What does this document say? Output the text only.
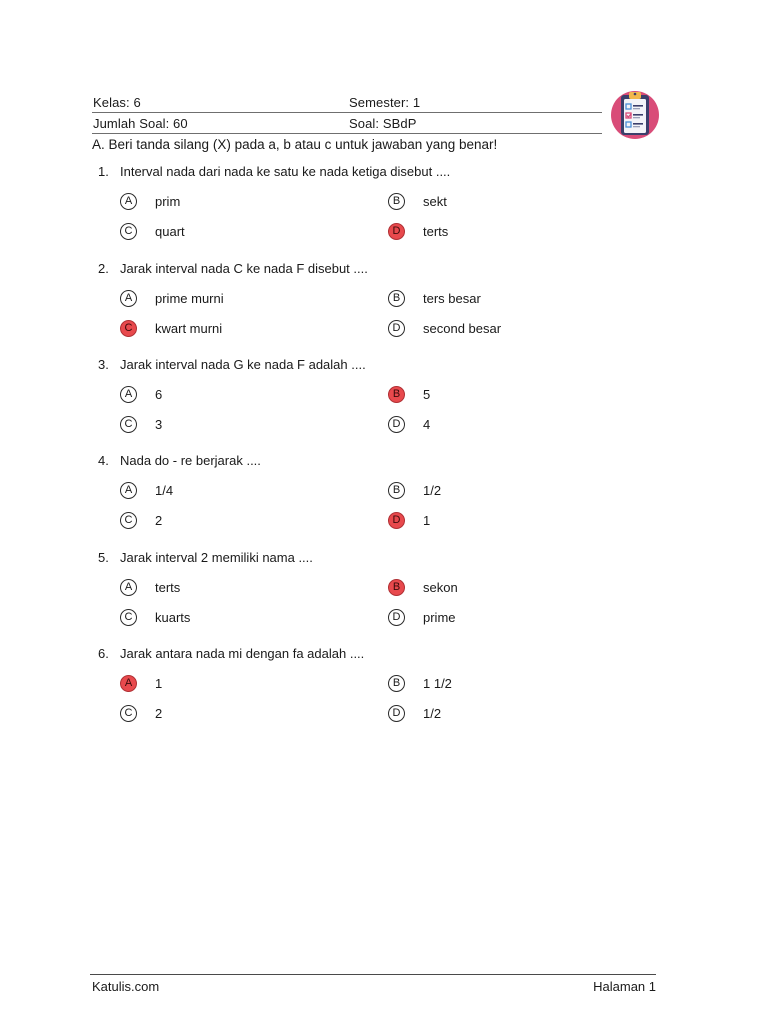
Kelas: 6	Semester: 1
Jumlah Soal: 60	Soal: SBdP
A. Beri tanda silang (X) pada a, b atau c untuk jawaban yang benar!
1. Interval nada dari nada ke satu ke nada ketiga disebut ....
A	prim	B	sekt
C	quart	D	terts
2. Jarak interval nada C ke nada F disebut ....
A	prime murni	B	ters besar
C	kwart murni	D	second besar
3. Jarak interval nada G ke nada F adalah ....
A	6	B	5
C	3	D	4
4. Nada do - re berjarak ....
A	1/4	B	1/2
C	2	D	1
5. Jarak interval 2 memiliki nama ....
A	terts	B	sekon
C	kuarts	D	prime
6. Jarak antara nada mi dengan fa adalah ....
A	1	B	1 1/2
C	2	D	1/2
Katulis.com	Halaman 1
